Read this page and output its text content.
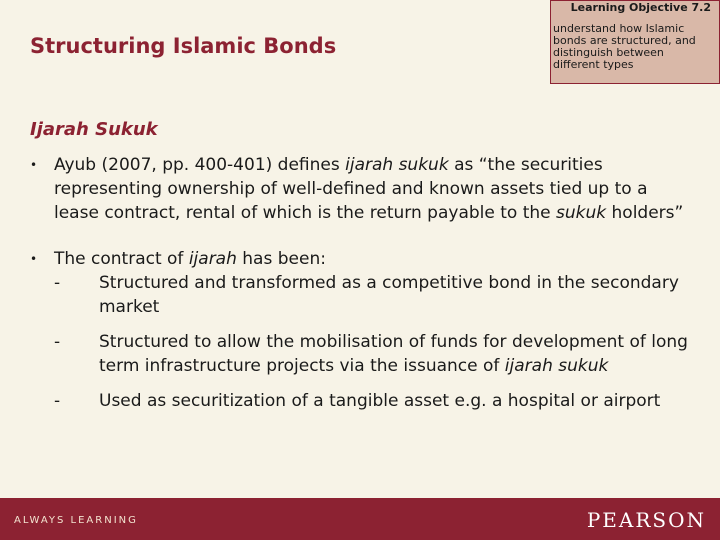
Structuring Islamic Bonds
Learning Objective 7.2
understand how Islamic bonds are structured, and distinguish between different types
Ijarah Sukuk
• Ayub (2007, pp. 400-401) defines ijarah sukuk as “the securities representing ownership of well-defined and known assets tied up to a lease contract, rental of which is the return payable to the sukuk holders”
• The contract of ijarah has been:
- Structured and transformed as a competitive bond in the secondary market
- Structured to allow the mobilisation of funds for development of long term infrastructure projects via the issuance of ijarah sukuk
- Used as securitization of a tangible asset e.g. a hospital or airport
ALWAYS LEARNING	PEARSON
